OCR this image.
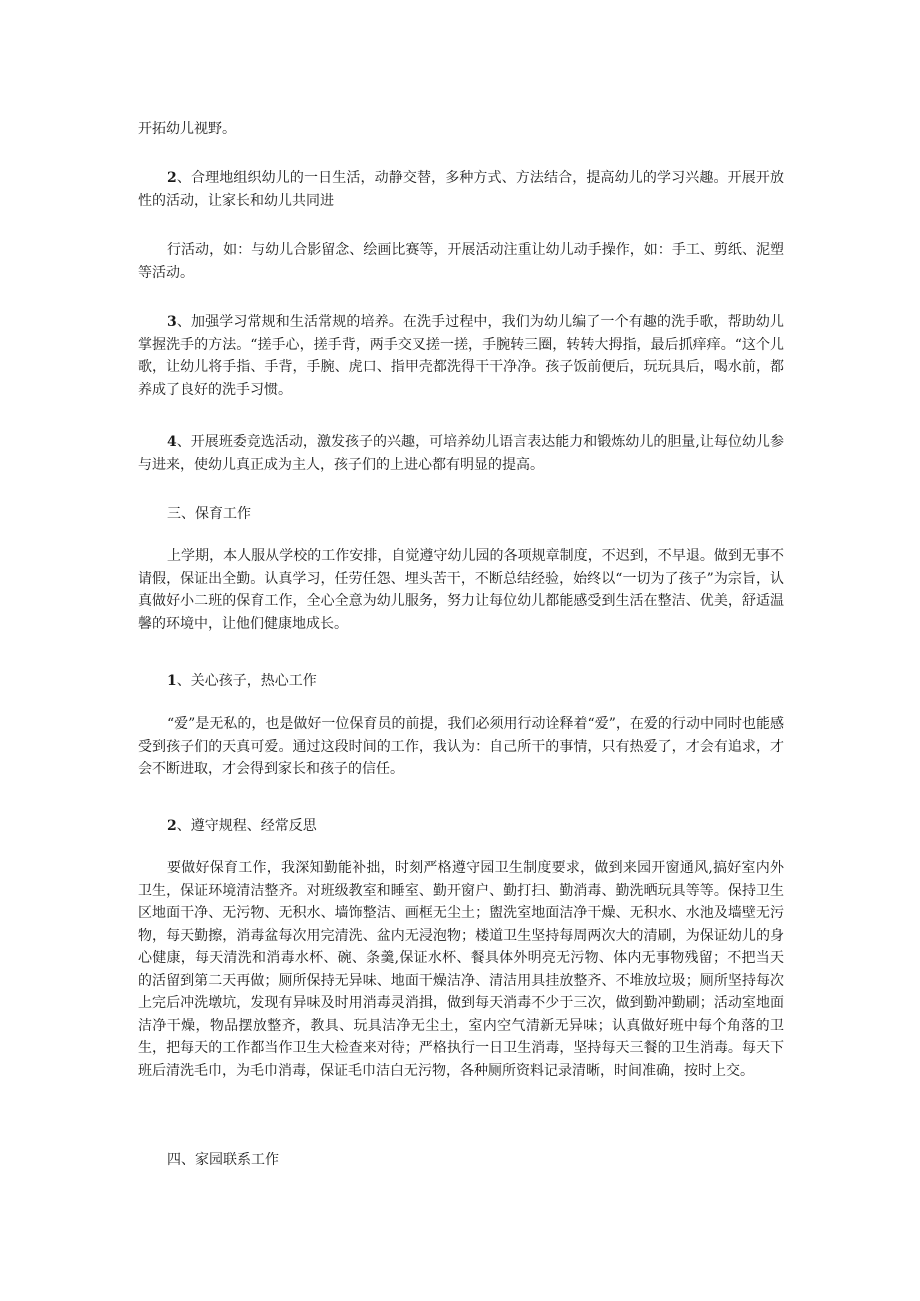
开拓幼儿视野。

2、合理地组织幼儿的一日生活，动静交替，多种方式、方法结合，提高幼儿的学习兴趣。开展开放性的活动，让家长和幼儿共同进

行活动，如：与幼儿合影留念、绘画比赛等，开展活动注重让幼儿动手操作，如：手工、剪纸、泥塑等活动。

3、加强学习常规和生活常规的培养。在洗手过程中，我们为幼儿编了一个有趣的洗手歌，帮助幼儿掌握洗手的方法。“搓手心，搓手背，两手交叉搓一搓，手腕转三圈，转转大拇指，最后抓痒痒。“这个儿歌，让幼儿将手指、手背，手腕、虎口、指甲壳都洗得干干净净。孩子饭前便后，玩玩具后，喝水前，都养成了良好的洗手习惯。

4、开展班委竞选活动，激发孩子的兴趣，可培养幼儿语言表达能力和锻炼幼儿的胆量,让每位幼儿参与进来，使幼儿真正成为主人，孩子们的上进心都有明显的提高。

三、保育工作

上学期，本人服从学校的工作安排，自觉遵守幼儿园的各项规章制度，不迟到，不早退。做到无事不请假，保证出全勤。认真学习，任劳任怨、埋头苦干，不断总结经验，始终以“一切为了孩子”为宗旨，认真做好小二班的保育工作，全心全意为幼儿服务，努力让每位幼儿都能感受到生活在整洁、优美，舒适温馨的环境中，让他们健康地成长。

1、关心孩子，热心工作

“爱”是无私的，也是做好一位保育员的前提，我们必须用行动诠释着“爱”，在爱的行动中同时也能感受到孩子们的天真可爱。通过这段时间的工作，我认为：自己所干的事情，只有热爱了，才会有追求，才会不断进取，才会得到家长和孩子的信任。

2、遵守规程、经常反思

要做好保育工作，我深知勤能补拙，时刻严格遵守园卫生制度要求，做到来园开窗通风,搞好室内外卫生，保证环境清洁整齐。对班级教室和睡室、勤开窗户、勤打扫、勤消毒、勤洗晒玩具等等。保持卫生区地面干净、无污物、无积水、墙饰整洁、画框无尘土；盥洗室地面洁净干燥、无积水、水池及墙壁无污物，每天勤擦，消毒盆每次用完清洗、盆内无浸泡物；楼道卫生坚持每周两次大的清刷，为保证幼儿的身心健康，每天清洗和消毒水杯、碗、条羹,保证水杯、餐具体外明亮无污物、体内无事物残留；不把当天的活留到第二天再做；厕所保持无异味、地面干燥洁净、清洁用具挂放整齐、不堆放垃圾；厕所坚持每次上完后冲洗墩坑，发现有异味及时用消毒灵消揖，做到每天消毒不少于三次，做到勤冲勤刷；活动室地面洁净干燥，物品摆放整齐，教具、玩具洁净无尘土，室内空气清新无异味；认真做好班中每个角落的卫生，把每天的工作都当作卫生大检查来对待；严格执行一日卫生消毒，坚持每天三餐的卫生消毒。每天下班后清洗毛巾，为毛巾消毒，保证毛巾洁白无污物，各种厕所资料记录清晰，时间准确，按时上交。

四、家园联系工作
